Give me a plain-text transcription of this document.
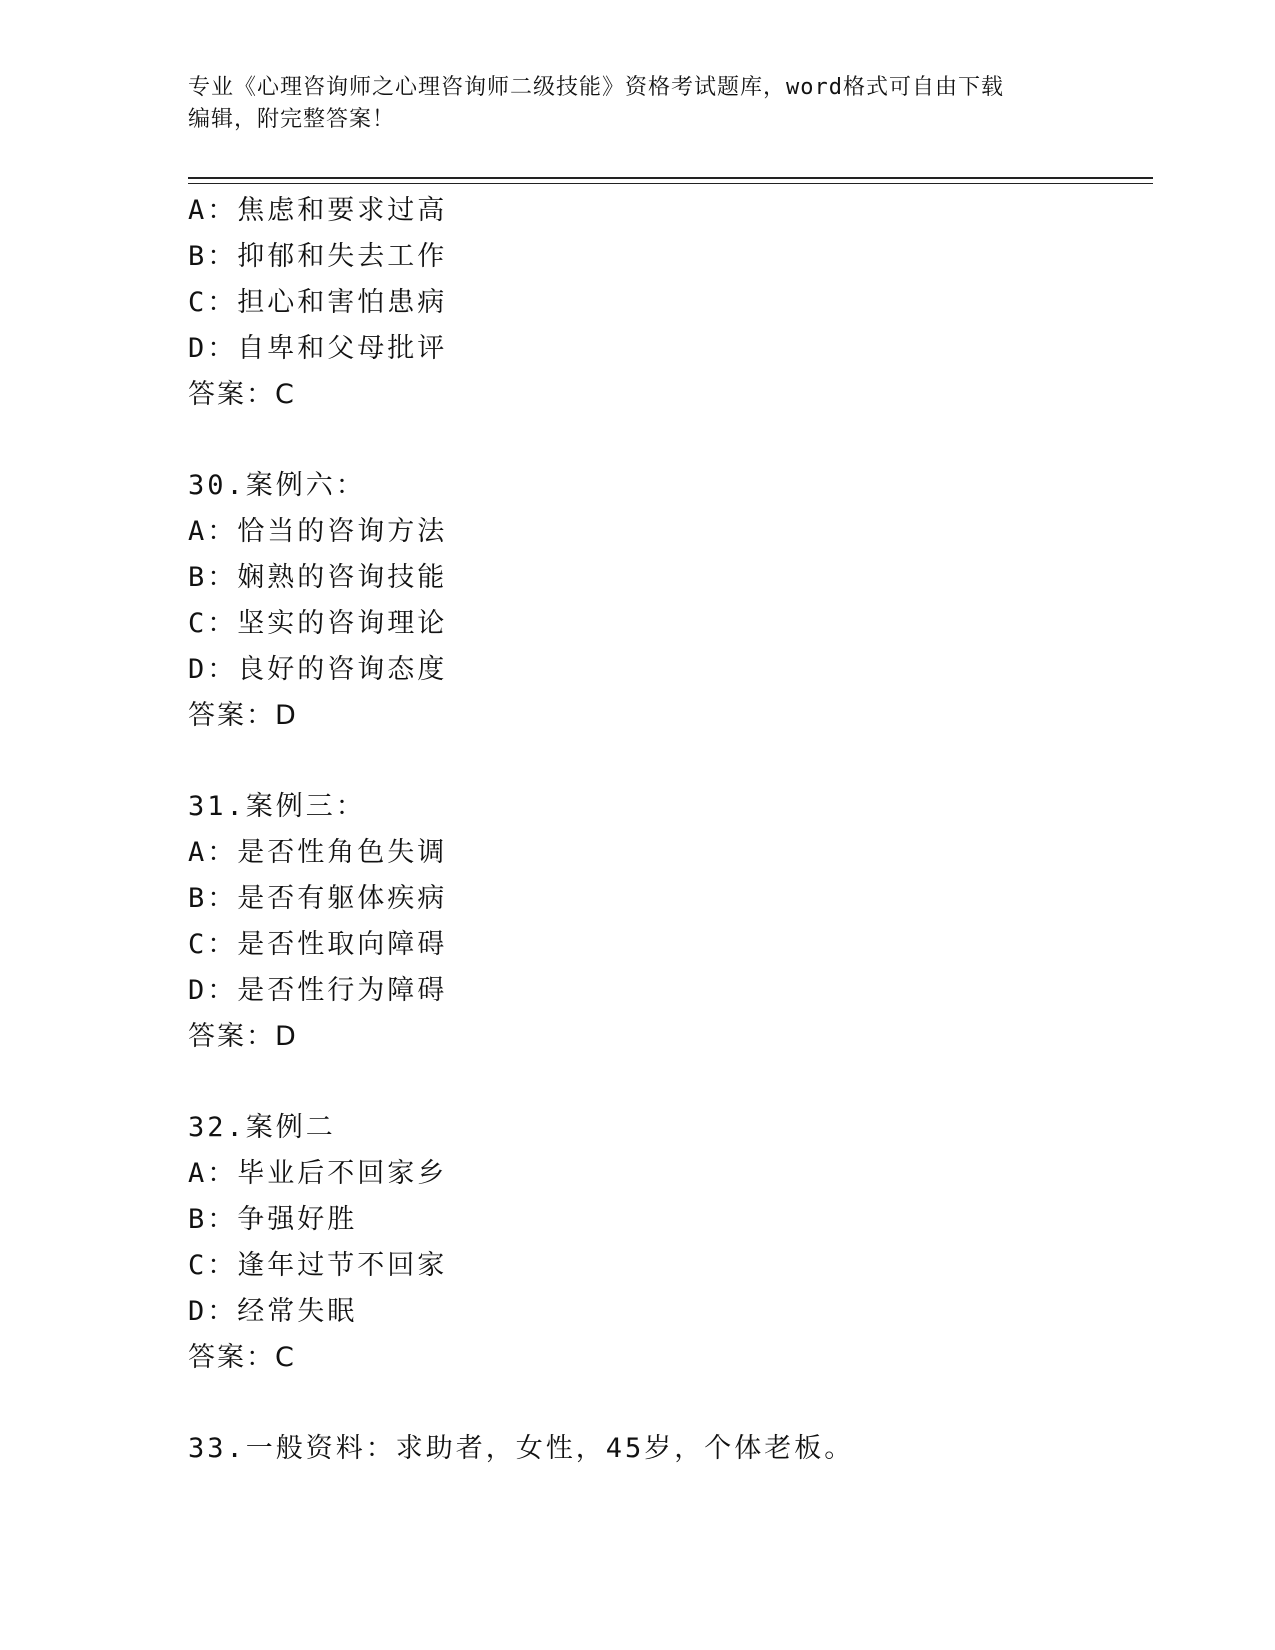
专业《心理咨询师之心理咨询师二级技能》资格考试题库，word格式可自由下载
编辑，附完整答案！
A：焦虑和要求过高
B：抑郁和失去工作
C：担心和害怕患病
D：自卑和父母批评
答案：C
30.案例六：
A：恰当的咨询方法
B：娴熟的咨询技能
C：坚实的咨询理论
D：良好的咨询态度
答案：D
31.案例三：
A：是否性角色失调
B：是否有躯体疾病
C：是否性取向障碍
D：是否性行为障碍
答案：D
32.案例二
A：毕业后不回家乡
B：争强好胜
C：逢年过节不回家
D：经常失眠
答案：C
33.一般资料：求助者，女性，45岁，个体老板。
